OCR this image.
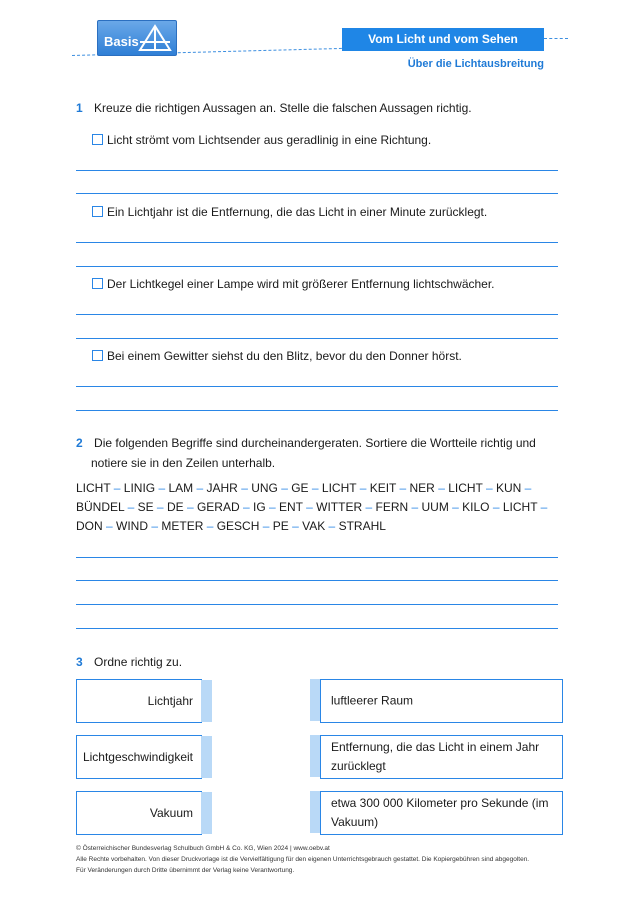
Basis	Vom Licht und vom Sehen
Über die Lichtausbreitung
1 Kreuze die richtigen Aussagen an. Stelle die falschen Aussagen richtig.
Licht strömt vom Lichtsender aus geradlinig in eine Richtung.
Ein Lichtjahr ist die Entfernung, die das Licht in einer Minute zurücklegt.
Der Lichtkegel einer Lampe wird mit größerer Entfernung lichtschwächer.
Bei einem Gewitter siehst du den Blitz, bevor du den Donner hörst.
2 Die folgenden Begriffe sind durcheinandergeraten. Sortiere die Wortteile richtig und
notiere sie in den Zeilen unterhalb.
LICHT – LINIG – LAM – JAHR – UNG – GE – LICHT – KEIT – NER – LICHT – KUN – BÜNDEL – SE – DE – GERAD – IG – ENT – WITTER – FERN – UUM – KILO – LICHT – DON – WIND – METER – GESCH – PE – VAK – STRAHL
3 Ordne richtig zu.
Lichtjahr
Lichtgeschwindigkeit
Vakuum
luftleerer Raum
Entfernung, die das Licht in einem Jahr zurücklegt
etwa 300 000 Kilometer pro Sekunde (im Vakuum)
© Österreichischer Bundesverlag Schulbuch GmbH & Co. KG, Wien 2024 | www.oebv.at
Alle Rechte vorbehalten. Von dieser Druckvorlage ist die Vervielfältigung für den eigenen Unterrichtsgebrauch gestattet. Die Kopiergebühren sind abgegolten.
Für Veränderungen durch Dritte übernimmt der Verlag keine Verantwortung.
